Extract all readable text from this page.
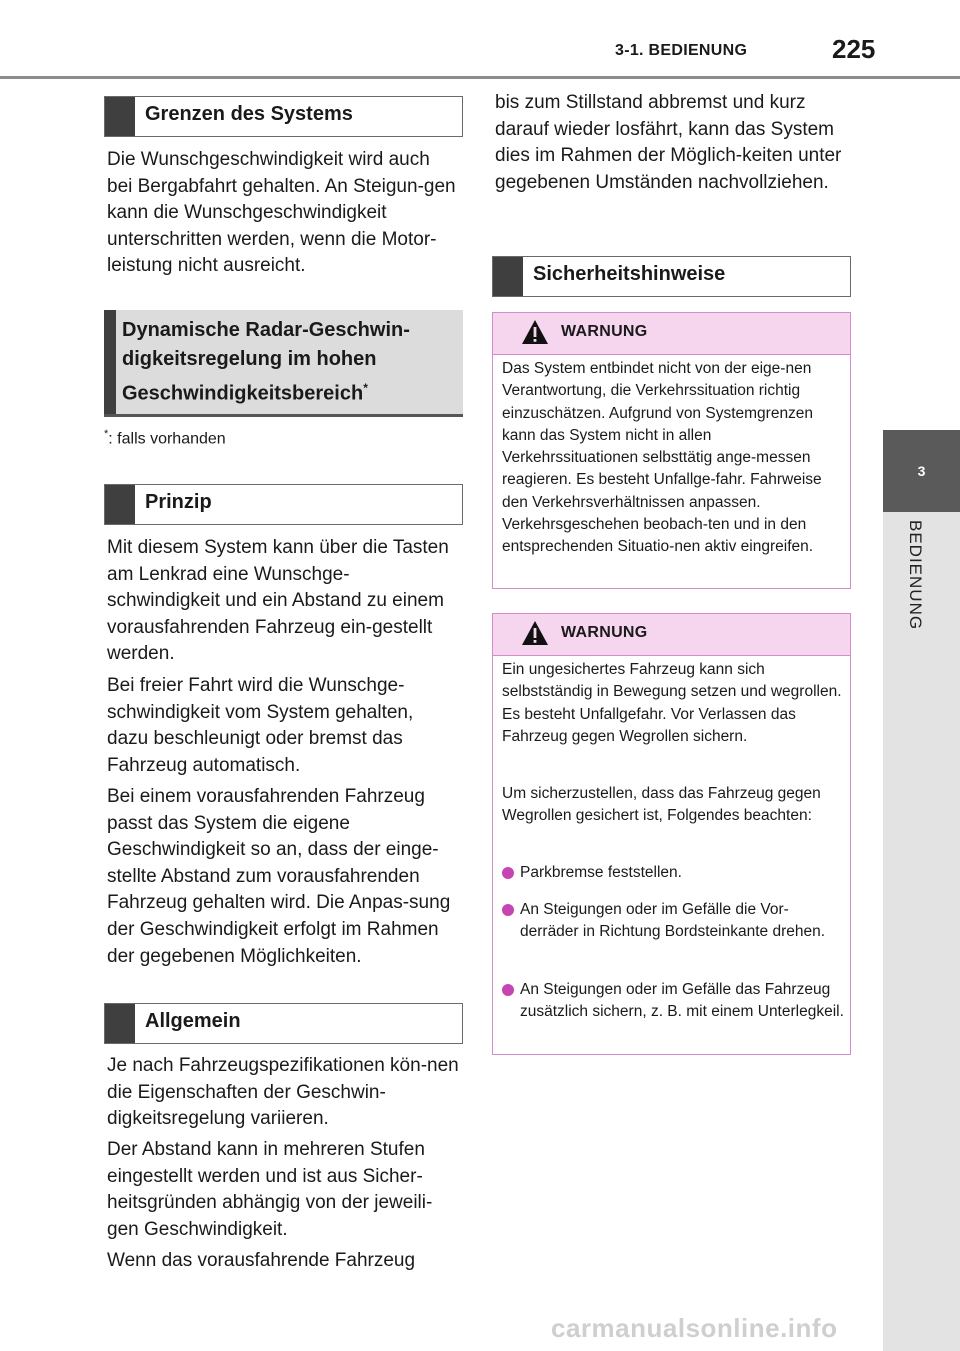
3-1. BEDIENUNG	225
3
BEDIENUNG
Grenzen des Systems

Die Wunschgeschwindigkeit wird auch bei Bergabfahrt gehalten. An Steigun-gen kann die Wunschgeschwindigkeit unterschritten werden, wenn die Motor-leistung nicht ausreicht.

Dynamische Radar-Geschwin-
digkeitsregelung im hohen
Geschwindigkeitsbereich*
*: falls vorhanden
Prinzip

Mit diesem System kann über die Tasten am Lenkrad eine Wunschge-schwindigkeit und ein Abstand zu einem vorausfahrenden Fahrzeug ein-gestellt werden.

Bei freier Fahrt wird die Wunschge-schwindigkeit vom System gehalten, dazu beschleunigt oder bremst das Fahrzeug automatisch.

Bei einem vorausfahrenden Fahrzeug passt das System die eigene Geschwindigkeit so an, dass der einge-stellte Abstand zum vorausfahrenden Fahrzeug gehalten wird. Die Anpas-sung der Geschwindigkeit erfolgt im Rahmen der gegebenen Möglichkeiten.

Allgemein

Je nach Fahrzeugspezifikationen kön-nen die Eigenschaften der Geschwin-digkeitsregelung variieren.

Der Abstand kann in mehreren Stufen eingestellt werden und ist aus Sicher-heitsgründen abhängig von der jeweili-gen Geschwindigkeit.

Wenn das vorausfahrende Fahrzeug

bis zum Stillstand abbremst und kurz darauf wieder losfährt, kann das System dies im Rahmen der Möglich-keiten unter gegebenen Umständen nachvollziehen.

Sicherheitshinweise
WARNUNG

Das System entbindet nicht von der eige-nen Verantwortung, die Verkehrssituation richtig einzuschätzen. Aufgrund von Systemgrenzen kann das System nicht in allen Verkehrssituationen selbsttätig ange-messen reagieren. Es besteht Unfallge-fahr. Fahrweise den Verkehrsverhältnissen anpassen. Verkehrsgeschehen beobach-ten und in den entsprechenden Situatio-nen aktiv eingreifen.

WARNUNG

Ein ungesichertes Fahrzeug kann sich selbstständig in Bewegung setzen und wegrollen. Es besteht Unfallgefahr. Vor Verlassen das Fahrzeug gegen Wegrollen sichern.

Um sicherzustellen, dass das Fahrzeug gegen Wegrollen gesichert ist, Folgendes beachten:

Parkbremse feststellen.
An Steigungen oder im Gefälle die Vor-derräder in Richtung Bordsteinkante drehen.
An Steigungen oder im Gefälle das Fahrzeug zusätzlich sichern, z. B. mit einem Unterlegkeil.
carmanualsonline.info
